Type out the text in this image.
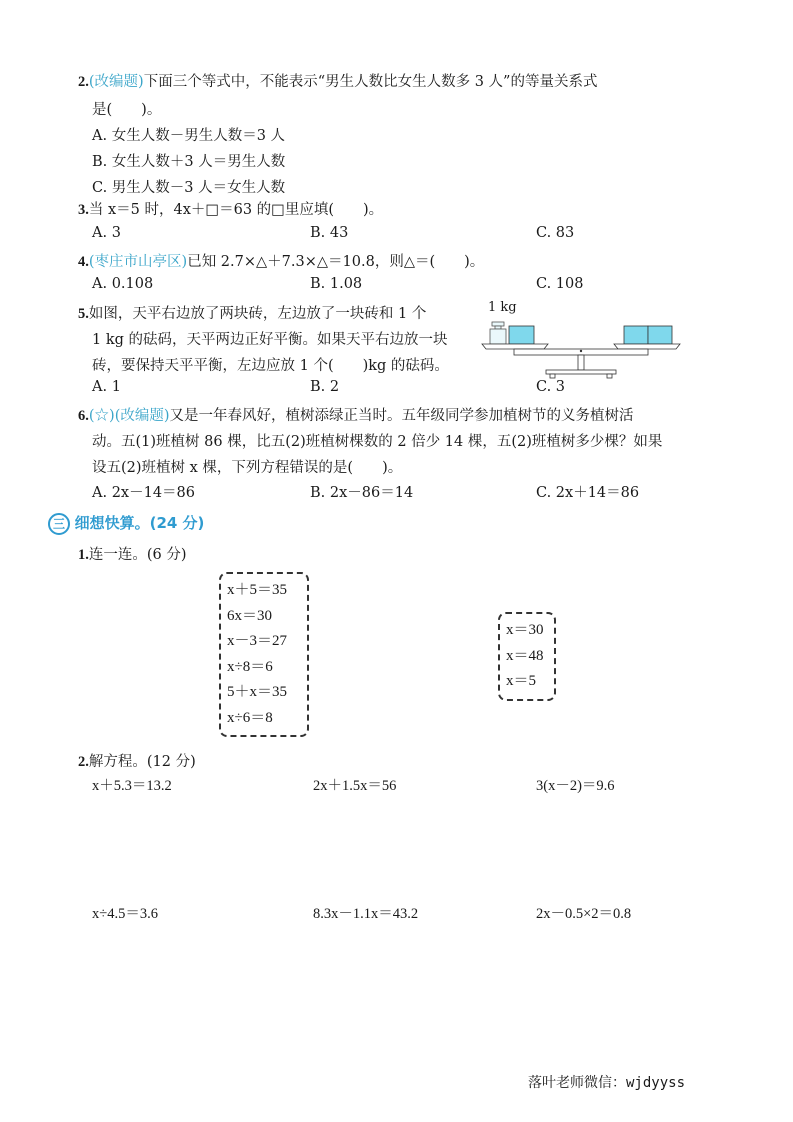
2.(改编题)下面三个等式中，不能表示“男生人数比女生人数多 3 人”的等量关系式
是(　　)。
A. 女生人数－男生人数＝3 人
B. 女生人数＋3 人＝男生人数
C. 男生人数－3 人＝女生人数
3.当 x＝5 时，4x＋□＝63 的□里应填(　　)。
A. 3	B. 43	C. 83
4.(枣庄市山亭区)已知 2.7×△＋7.3×△＝10.8，则△＝(　　)。
A. 0.108	B. 1.08	C. 108
5.如图，天平右边放了两块砖，左边放了一块砖和 1 个
1 kg 的砝码，天平两边正好平衡。如果天平右边放一块
砖，要保持天平平衡，左边应放 1 个(　　)kg 的砝码。
A. 1	B. 2	C. 3
1 kg
6.(☆)(改编题)又是一年春风好，植树添绿正当时。五年级同学参加植树节的义务植树活
动。五(1)班植树 86 棵，比五(2)班植树棵数的 2 倍少 14 棵，五(2)班植树多少棵？如果
设五(2)班植树 x 棵，下列方程错误的是(　　)。
A. 2x－14＝86	B. 2x－86＝14	C. 2x＋14＝86
三 细想快算。(24 分)
1.连一连。(6 分)
x＋5＝35
6x＝30
x－3＝27
x÷8＝6
5＋x＝35
x÷6＝8
x＝30
x＝48
x＝5
2.解方程。(12 分)
x＋5.3＝13.2	2x＋1.5x＝56	3(x－2)＝9.6
x÷4.5＝3.6	8.3x－1.1x＝43.2	2x－0.5×2＝0.8
落叶老师微信：wjdyyss
